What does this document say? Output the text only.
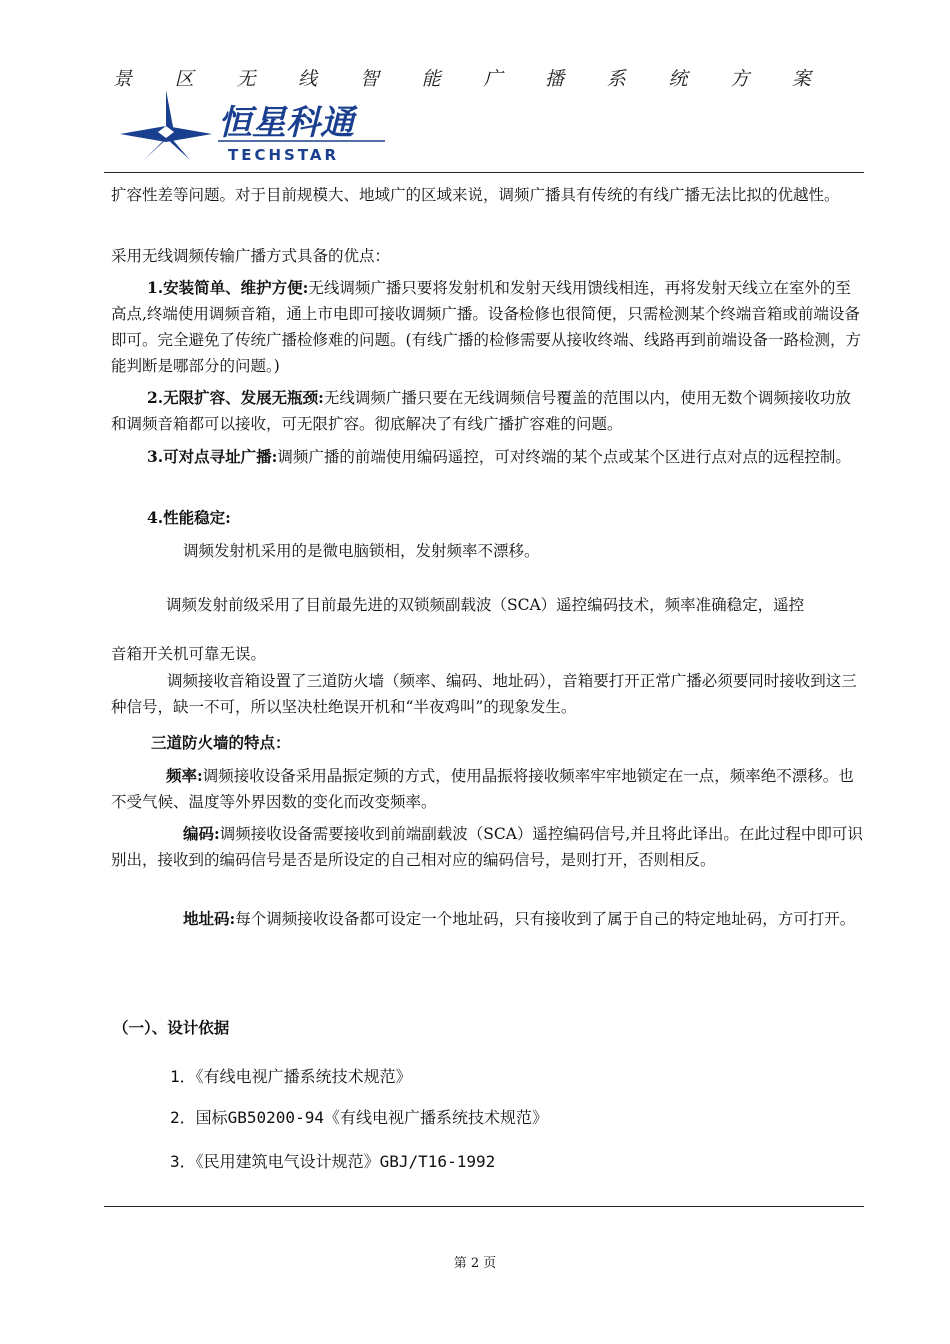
景 区 无 线 智 能 广 播 系 统 方 案
恒星科通
TECHSTAR

扩容性差等问题。对于目前规模大、地域广的区域来说，调频广播具有传统的有线广播无法比拟的优越性。

采用无线调频传输广播方式具备的优点：

1.安装简单、维护方便:无线调频广播只要将发射机和发射天线用馈线相连，再将发射天线立在室外的至高点,终端使用调频音箱，通上市电即可接收调频广播。设备检修也很简便，只需检测某个终端音箱或前端设备即可。完全避免了传统广播检修难的问题。(有线广播的检修需要从接收终端、线路再到前端设备一路检测，方能判断是哪部分的问题。)

2.无限扩容、发展无瓶颈:无线调频广播只要在无线调频信号覆盖的范围以内，使用无数个调频接收功放和调频音箱都可以接收，可无限扩容。彻底解决了有线广播扩容难的问题。

3.可对点寻址广播:调频广播的前端使用编码遥控，可对终端的某个点或某个区进行点对点的远程控制。

4.性能稳定:

调频发射机采用的是微电脑锁相，发射频率不漂移。

调频发射前级采用了目前最先进的双锁频副载波（SCA）遥控编码技术，频率准确稳定，遥控

音箱开关机可靠无误。

调频接收音箱设置了三道防火墙（频率、编码、地址码），音箱要打开正常广播必须要同时接收到这三种信号，缺一不可，所以坚决杜绝误开机和“半夜鸡叫”的现象发生。

三道防火墙的特点：

频率:调频接收设备采用晶振定频的方式，使用晶振将接收频率牢牢地锁定在一点，频率绝不漂移。也不受气候、温度等外界因数的变化而改变频率。

编码:调频接收设备需要接收到前端副载波（SCA）遥控编码信号,并且将此译出。在此过程中即可识别出，接收到的编码信号是否是所设定的自己相对应的编码信号，是则打开，否则相反。

地址码:每个调频接收设备都可设定一个地址码，只有接收到了属于自己的特定地址码，方可打开。

（一）、设计依据
1．《有线电视广播系统技术规范》
2．国标GB50200-94《有线电视广播系统技术规范》
3．《民用建筑电气设计规范》GBJ/T16-1992
第 2 页
